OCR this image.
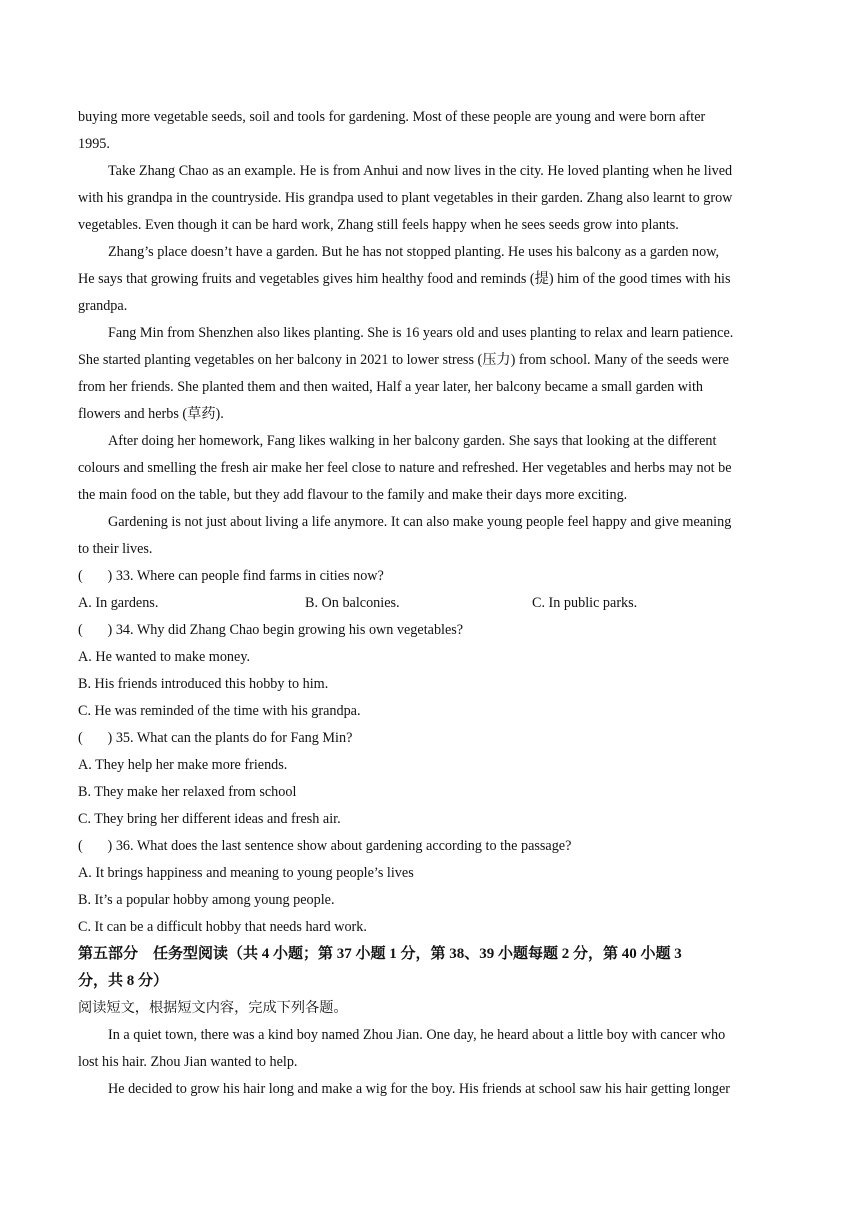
buying more vegetable seeds, soil and tools for gardening. Most of these people are young and were born after
1995.
Take Zhang Chao as an example. He is from Anhui and now lives in the city. He loved planting when he lived
with his grandpa in the countryside. His grandpa used to plant vegetables in their garden. Zhang also learnt to grow
vegetables. Even though it can be hard work, Zhang still feels happy when he sees seeds grow into plants.
Zhang’s place doesn’t have a garden. But he has not stopped planting. He uses his balcony as a garden now,
He says that growing fruits and vegetables gives him healthy food and reminds (提) him of the good times with his
grandpa.
Fang Min from Shenzhen also likes planting. She is 16 years old and uses planting to relax and learn patience.
She started planting vegetables on her balcony in 2021 to lower stress (压力) from school. Many of the seeds were
from her friends. She planted them and then waited, Half a year later, her balcony became a small garden with
flowers and herbs (草药).
After doing her homework, Fang likes walking in her balcony garden. She says that looking at the different
colours and smelling the fresh air make her feel close to nature and refreshed. Her vegetables and herbs may not be
the main food on the table, but they add flavour to the family and make their days more exciting.
Gardening is not just about living a life anymore. It can also make young people feel happy and give meaning
to their lives.
(       ) 33. Where can people find farms in cities now?
A. In gardens.	B. On balconies.	C. In public parks.
(       ) 34. Why did Zhang Chao begin growing his own vegetables?
A. He wanted to make money.
B. His friends introduced this hobby to him.
C. He was reminded of the time with his grandpa.
(       ) 35. What can the plants do for Fang Min?
A. They help her make more friends.
B. They make her relaxed from school
C. They bring her different ideas and fresh air.
(       ) 36. What does the last sentence show about gardening according to the passage?
A. It brings happiness and meaning to young people’s lives
B. It’s a popular hobby among young people.
C. It can be a difficult hobby that needs hard work.
第五部分　任务型阅读（共 4 小题；第 37 小题 1 分，第 38、39 小题每题 2 分，第 40 小题 3
分，共 8 分）
阅读短文，根据短文内容，完成下列各题。
In a quiet town, there was a kind boy named Zhou Jian. One day, he heard about a little boy with cancer who
lost his hair. Zhou Jian wanted to help.
He decided to grow his hair long and make a wig for the boy. His friends at school saw his hair getting longer
